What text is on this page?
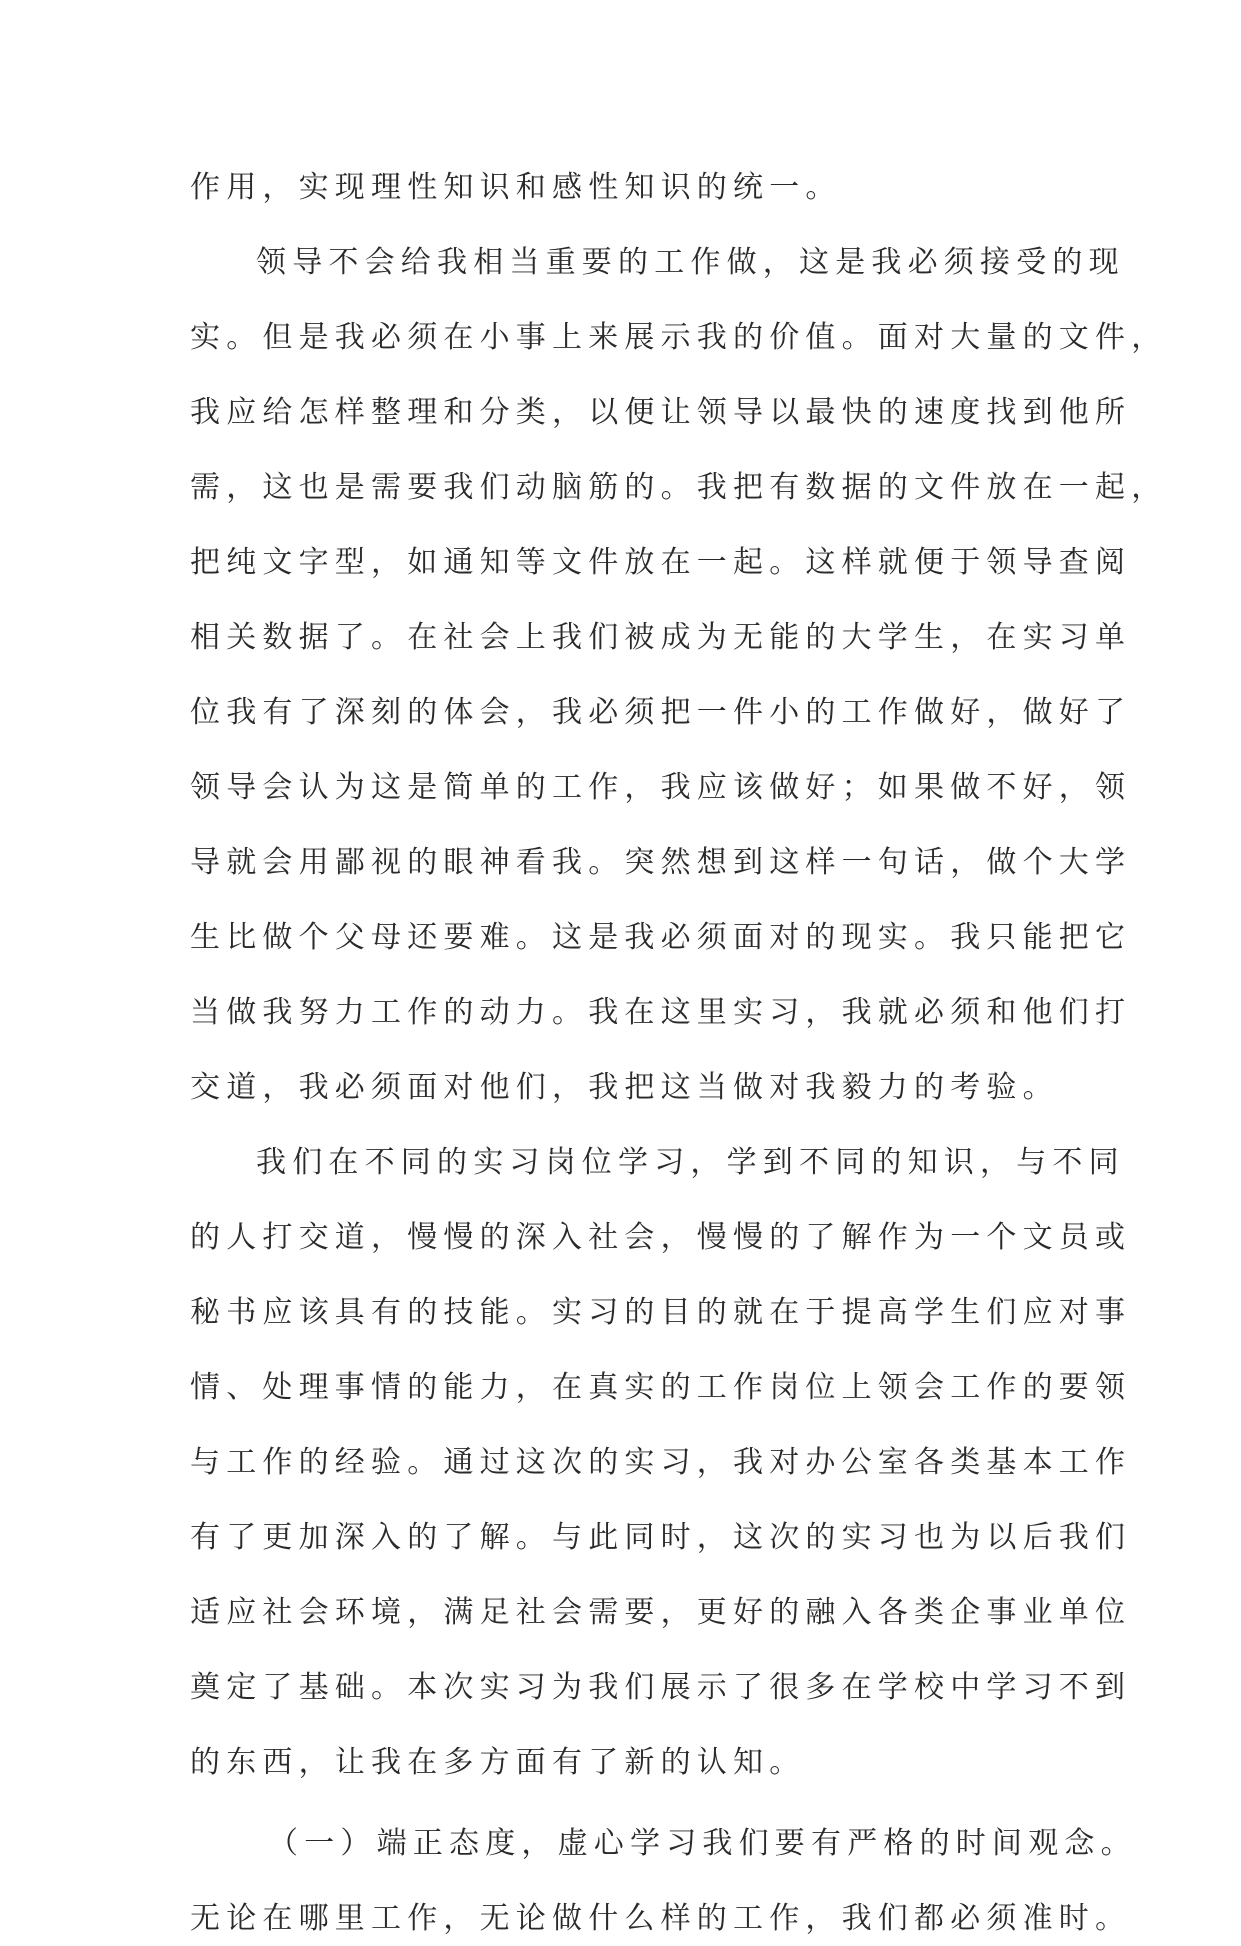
作用，实现理性知识和感性知识的统一。
领导不会给我相当重要的工作做，这是我必须接受的现
实。但是我必须在小事上来展示我的价值。面对大量的文件，
我应给怎样整理和分类，以便让领导以最快的速度找到他所
需，这也是需要我们动脑筋的。我把有数据的文件放在一起，
把纯文字型，如通知等文件放在一起。这样就便于领导查阅
相关数据了。在社会上我们被成为无能的大学生，在实习单
位我有了深刻的体会，我必须把一件小的工作做好，做好了
领导会认为这是简单的工作，我应该做好；如果做不好，领
导就会用鄙视的眼神看我。突然想到这样一句话，做个大学
生比做个父母还要难。这是我必须面对的现实。我只能把它
当做我努力工作的动力。我在这里实习，我就必须和他们打
交道，我必须面对他们，我把这当做对我毅力的考验。
我们在不同的实习岗位学习，学到不同的知识，与不同
的人打交道，慢慢的深入社会，慢慢的了解作为一个文员或
秘书应该具有的技能。实习的目的就在于提高学生们应对事
情、处理事情的能力，在真实的工作岗位上领会工作的要领
与工作的经验。通过这次的实习，我对办公室各类基本工作
有了更加深入的了解。与此同时，这次的实习也为以后我们
适应社会环境，满足社会需要，更好的融入各类企事业单位
奠定了基础。本次实习为我们展示了很多在学校中学习不到
的东西，让我在多方面有了新的认知。
（一）端正态度，虚心学习我们要有严格的时间观念。
无论在哪里工作，无论做什么样的工作，我们都必须准时。
